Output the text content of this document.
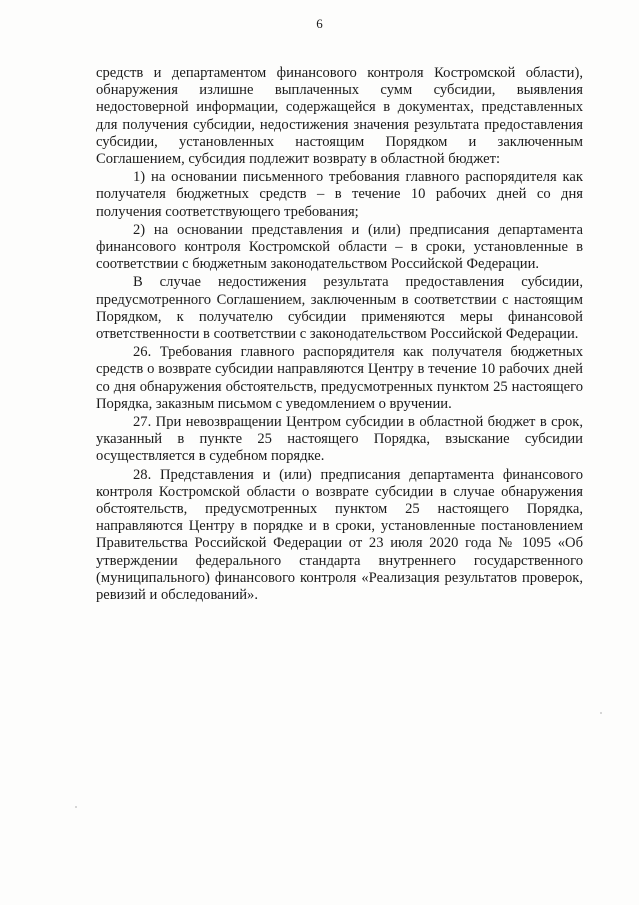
6

средств и департаментом финансового контроля Костромской области), обнаружения излишне выплаченных сумм субсидии, выявления недостоверной информации, содержащейся в документах, представленных для получения субсидии, недостижения значения результата предоставления субсидии, установленных настоящим Порядком и заключенным Соглашением, субсидия подлежит возврату в областной бюджет:

1) на основании письменного требования главного распорядителя как получателя бюджетных средств – в течение 10 рабочих дней со дня получения соответствующего требования;

2) на основании представления и (или) предписания департамента финансового контроля Костромской области – в сроки, установленные в соответствии с бюджетным законодательством Российской Федерации.

В случае недостижения результата предоставления субсидии, предусмотренного Соглашением, заключенным в соответствии с настоящим Порядком, к получателю субсидии применяются меры финансовой ответственности в соответствии с законодательством Российской Федерации.

26. Требования главного распорядителя как получателя бюджетных средств о возврате субсидии направляются Центру в течение 10 рабочих дней со дня обнаружения обстоятельств, предусмотренных пунктом 25 настоящего Порядка, заказным письмом с уведомлением о вручении.

27. При невозвращении Центром субсидии в областной бюджет в срок, указанный в пункте 25 настоящего Порядка, взыскание субсидии осуществляется в судебном порядке.

28. Представления и (или) предписания департамента финансового контроля Костромской области о возврате субсидии в случае обнаружения обстоятельств, предусмотренных пунктом 25 настоящего Порядка, направляются Центру в порядке и в сроки, установленные постановлением Правительства Российской Федерации от 23 июля 2020 года № 1095 «Об утверждении федерального стандарта внутреннего государственного (муниципального) финансового контроля «Реализация результатов проверок, ревизий и обследований».
